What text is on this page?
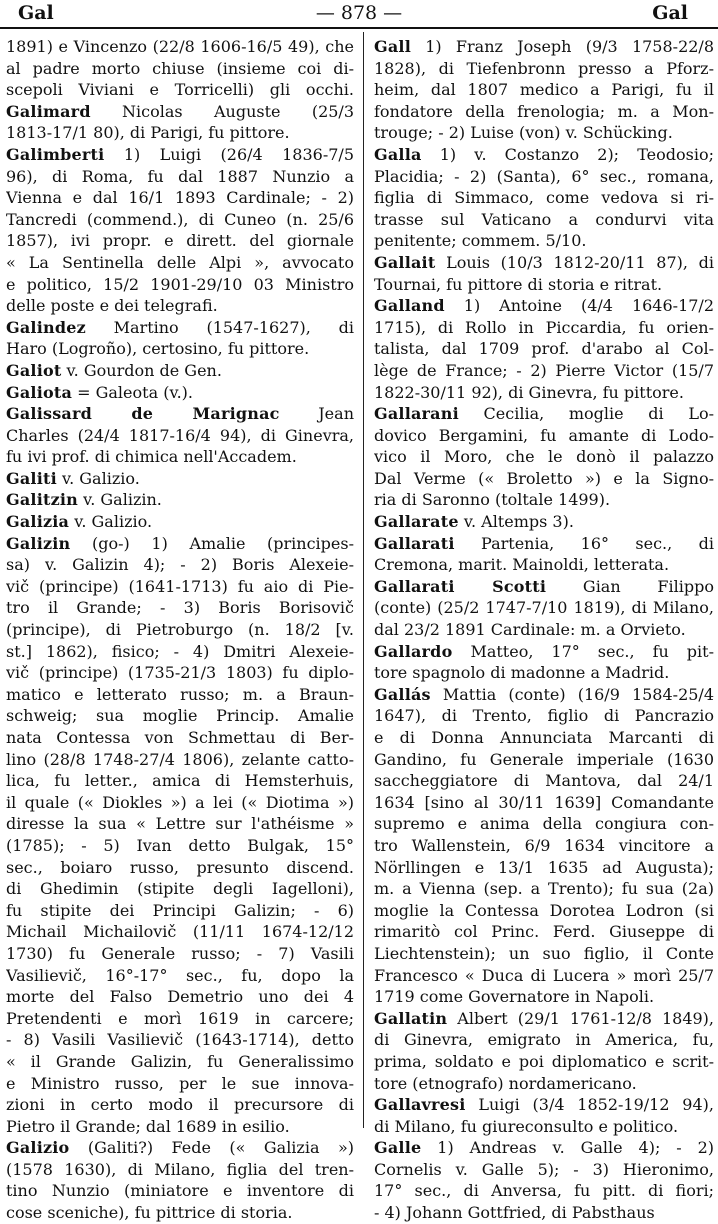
Gal	— 878 —	Gal
1891) e Vincenzo (22/8 1606-16/5 49), che
al padre morto chiuse (insieme coi di-
scepoli Viviani e Torricelli) gli occhi.
Galimard Nicolas Auguste (25/3
1813-17/1 80), di Parigi, fu pittore.
Galimberti 1) Luigi (26/4 1836-7/5
96), di Roma, fu dal 1887 Nunzio a
Vienna e dal 16/1 1893 Cardinale; - 2)
Tancredi (commend.), di Cuneo (n. 25/6
1857), ivi propr. e dirett. del giornale
« La Sentinella delle Alpi », avvocato
e politico, 15/2 1901-29/10 03 Ministro
delle poste e dei telegrafi.
Galindez Martino (1547-1627), di
Haro (Logroño), certosino, fu pittore.
Galiot v. Gourdon de Gen.
Galiota = Galeota (v.).
Galissard de Marignac Jean
Charles (24/4 1817-16/4 94), di Ginevra,
fu ivi prof. di chimica nell'Accadem.
Galiti v. Galizio.
Galitzin v. Galizin.
Galizia v. Galizio.
Galizin (go-) 1) Amalie (principes-
sa) v. Galizin 4); - 2) Boris Alexeie-
vič (principe) (1641-1713) fu aio di Pie-
tro il Grande; - 3) Boris Borisovič
(principe), di Pietroburgo (n. 18/2 [v.
st.] 1862), fisico; - 4) Dmitri Alexeie-
vič (principe) (1735-21/3 1803) fu diplo-
matico e letterato russo; m. a Braun-
schweig; sua moglie Princip. Amalie
nata Contessa von Schmettau di Ber-
lino (28/8 1748-27/4 1806), zelante catto-
lica, fu letter., amica di Hemsterhuis,
il quale (« Diokles ») a lei (« Diotima »)
diresse la sua « Lettre sur l'athéisme »
(1785); - 5) Ivan detto Bulgak, 15°
sec., boiaro russo, presunto discend.
di Ghedimin (stipite degli Iagelloni),
fu stipite dei Principi Galizin; - 6)
Michail Michailovič (11/11 1674-12/12
1730) fu Generale russo; - 7) Vasili
Vasilievič, 16°-17° sec., fu, dopo la
morte del Falso Demetrio uno dei 4
Pretendenti e morì 1619 in carcere;
- 8) Vasili Vasilievič (1643-1714), detto
« il Grande Galizin, fu Generalissimo
e Ministro russo, per le sue innova-
zioni in certo modo il precursore di
Pietro il Grande; dal 1689 in esilio.
Galizio (Galiti?) Fede (« Galizia »)
(1578 1630), di Milano, figlia del tren-
tino Nunzio (miniatore e inventore di
cose sceniche), fu pittrice di storia.
Gall 1) Franz Joseph (9/3 1758-22/8
1828), di Tiefenbronn presso a Pforz-
heim, dal 1807 medico a Parigi, fu il
fondatore della frenologia; m. a Mon-
trouge; - 2) Luise (von) v. Schücking.
Galla 1) v. Costanzo 2); Teodosio;
Placidia; - 2) (Santa), 6° sec., romana,
figlia di Simmaco, come vedova si ri-
trasse sul Vaticano a condurvi vita
penitente; commem. 5/10.
Gallait Louis (10/3 1812-20/11 87), di
Tournai, fu pittore di storia e ritrat.
Galland 1) Antoine (4/4 1646-17/2
1715), di Rollo in Piccardia, fu orien-
talista, dal 1709 prof. d'arabo al Col-
lège de France; - 2) Pierre Victor (15/7
1822-30/11 92), di Ginevra, fu pittore.
Gallarani Cecilia, moglie di Lo-
dovico Bergamini, fu amante di Lodo-
vico il Moro, che le donò il palazzo
Dal Verme (« Broletto ») e la Signo-
ria di Saronno (toltale 1499).
Gallarate v. Altemps 3).
Gallarati Partenia, 16° sec., di
Cremona, marit. Mainoldi, letterata.
Gallarati Scotti Gian Filippo
(conte) (25/2 1747-7/10 1819), di Milano,
dal 23/2 1891 Cardinale: m. a Orvieto.
Gallardo Matteo, 17° sec., fu pit-
tore spagnolo di madonne a Madrid.
Gallás Mattia (conte) (16/9 1584-25/4
1647), di Trento, figlio di Pancrazio
e di Donna Annunciata Marcanti di
Gandino, fu Generale imperiale (1630
saccheggiatore di Mantova, dal 24/1
1634 [sino al 30/11 1639] Comandante
supremo e anima della congiura con-
tro Wallenstein, 6/9 1634 vincitore a
Nörllingen e 13/1 1635 ad Augusta);
m. a Vienna (sep. a Trento); fu sua (2a)
moglie la Contessa Dorotea Lodron (si
rimaritò col Princ. Ferd. Giuseppe di
Liechtenstein); un suo figlio, il Conte
Francesco « Duca di Lucera » morì 25/7
1719 come Governatore in Napoli.
Gallatin Albert (29/1 1761-12/8 1849),
di Ginevra, emigrato in America, fu,
prima, soldato e poi diplomatico e scrit-
tore (etnografo) nordamericano.
Gallavresi Luigi (3/4 1852-19/12 94),
di Milano, fu giureconsulto e politico.
Galle 1) Andreas v. Galle 4); - 2)
Cornelis v. Galle 5); - 3) Hieronimo,
17° sec., di Anversa, fu pitt. di fiori;
- 4) Johann Gottfried, di Pabsthaus
